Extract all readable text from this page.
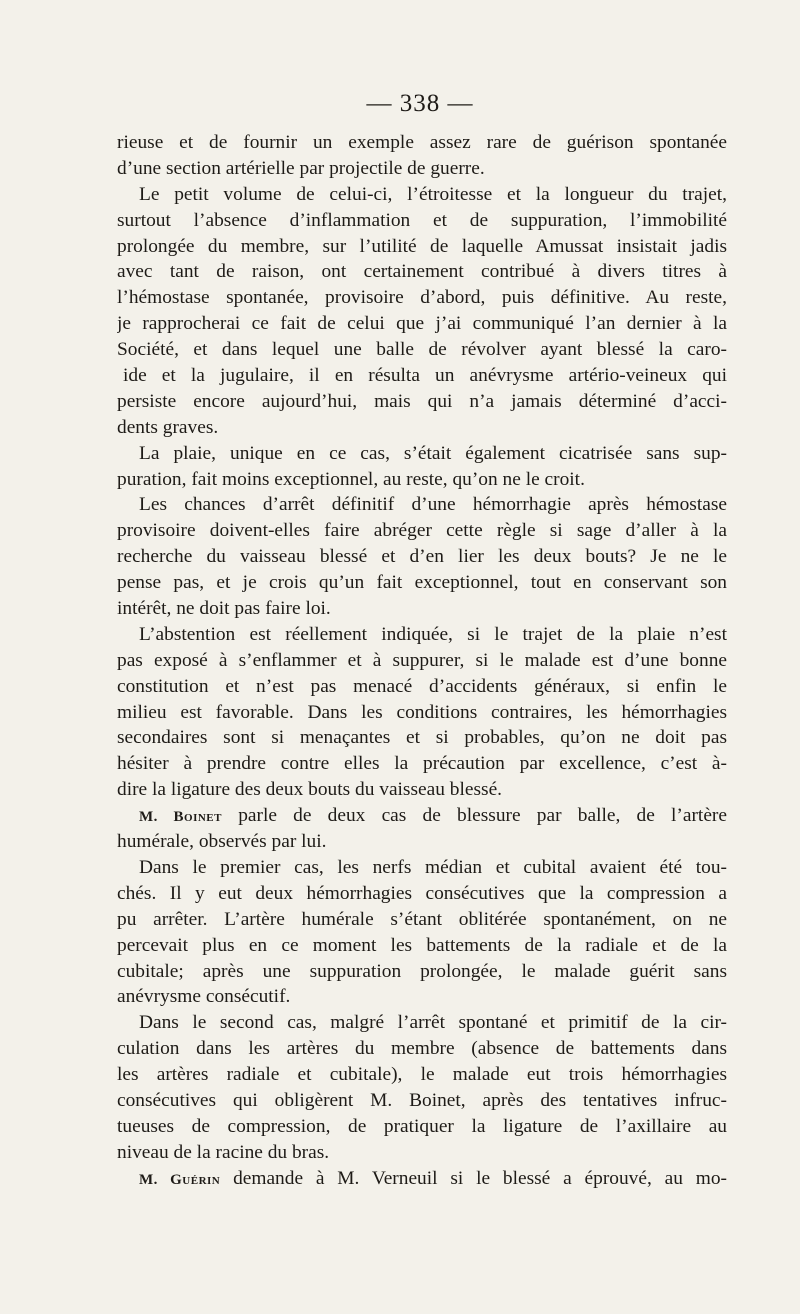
— 338 —
rieuse et de fournir un exemple assez rare de guérison spontanée
d’une section artérielle par projectile de guerre.
Le petit volume de celui-ci, l’étroitesse et la longueur du trajet,
surtout l’absence d’inflammation et de suppuration, l’immobilité
prolongée du membre, sur l’utilité de laquelle Amussat insistait jadis
avec tant de raison, ont certainement contribué à divers titres à
l’hémostase spontanée, provisoire d’abord, puis définitive. Au reste,
je rapprocherai ce fait de celui que j’ai communiqué l’an dernier à la
Société, et dans lequel une balle de révolver ayant blessé la caro-
ide et la jugulaire, il en résulta un anévrysme artério-veineux qui
persiste encore aujourd’hui, mais qui n’a jamais déterminé d’acci-
dents graves.
La plaie, unique en ce cas, s’était également cicatrisée sans sup-
puration, fait moins exceptionnel, au reste, qu’on ne le croit.
Les chances d’arrêt définitif d’une hémorrhagie après hémostase
provisoire doivent-elles faire abréger cette règle si sage d’aller à la
recherche du vaisseau blessé et d’en lier les deux bouts? Je ne le
pense pas, et je crois qu’un fait exceptionnel, tout en conservant son
intérêt, ne doit pas faire loi.
L’abstention est réellement indiquée, si le trajet de la plaie n’est
pas exposé à s’enflammer et à suppurer, si le malade est d’une bonne
constitution et n’est pas menacé d’accidents généraux, si enfin le
milieu est favorable. Dans les conditions contraires, les hémorrhagies
secondaires sont si menaçantes et si probables, qu’on ne doit pas
hésiter à prendre contre elles la précaution par excellence, c’est à-
dire la ligature des deux bouts du vaisseau blessé.
M. Boinet parle de deux cas de blessure par balle, de l’artère
humérale, observés par lui.
Dans le premier cas, les nerfs médian et cubital avaient été tou-
chés. Il y eut deux hémorrhagies consécutives que la compression a
pu arrêter. L’artère humérale s’étant oblitérée spontanément, on ne
percevait plus en ce moment les battements de la radiale et de la
cubitale; après une suppuration prolongée, le malade guérit sans
anévrysme consécutif.
Dans le second cas, malgré l’arrêt spontané et primitif de la cir-
culation dans les artères du membre (absence de battements dans
les artères radiale et cubitale), le malade eut trois hémorrhagies
consécutives qui obligèrent M. Boinet, après des tentatives infruc-
tueuses de compression, de pratiquer la ligature de l’axillaire au
niveau de la racine du bras.
M. Guérin demande à M. Verneuil si le blessé a éprouvé, au mo-
